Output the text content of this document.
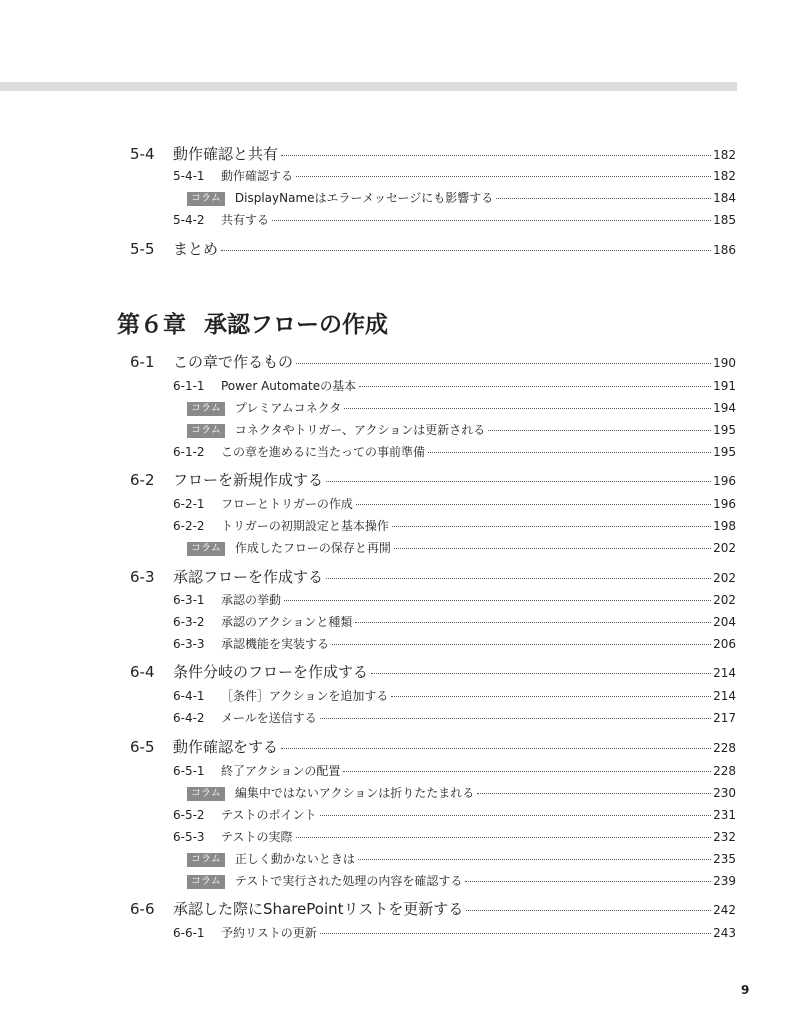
5-4	動作確認と共有	182
5-4-1	動作確認する	182
コラム	DisplayNameはエラーメッセージにも影響する	184
5-4-2	共有する	185
5-5	まとめ	186
第６章 承認フローの作成
6-1	この章で作るもの	190
6-1-1	Power Automateの基本	191
コラム	プレミアムコネクタ	194
コラム	コネクタやトリガー、アクションは更新される	195
6-1-2	この章を進めるに当たっての事前準備	195
6-2	フローを新規作成する	196
6-2-1	フローとトリガーの作成	196
6-2-2	トリガーの初期設定と基本操作	198
コラム	作成したフローの保存と再開	202
6-3	承認フローを作成する	202
6-3-1	承認の挙動	202
6-3-2	承認のアクションと種類	204
6-3-3	承認機能を実装する	206
6-4	条件分岐のフローを作成する	214
6-4-1	［条件］アクションを追加する	214
6-4-2	メールを送信する	217
6-5	動作確認をする	228
6-5-1	終了アクションの配置	228
コラム	編集中ではないアクションは折りたたまれる	230
6-5-2	テストのポイント	231
6-5-3	テストの実際	232
コラム	正しく動かないときは	235
コラム	テストで実行された処理の内容を確認する	239
6-6	承認した際にSharePointリストを更新する	242
6-6-1	予約リストの更新	243
9
